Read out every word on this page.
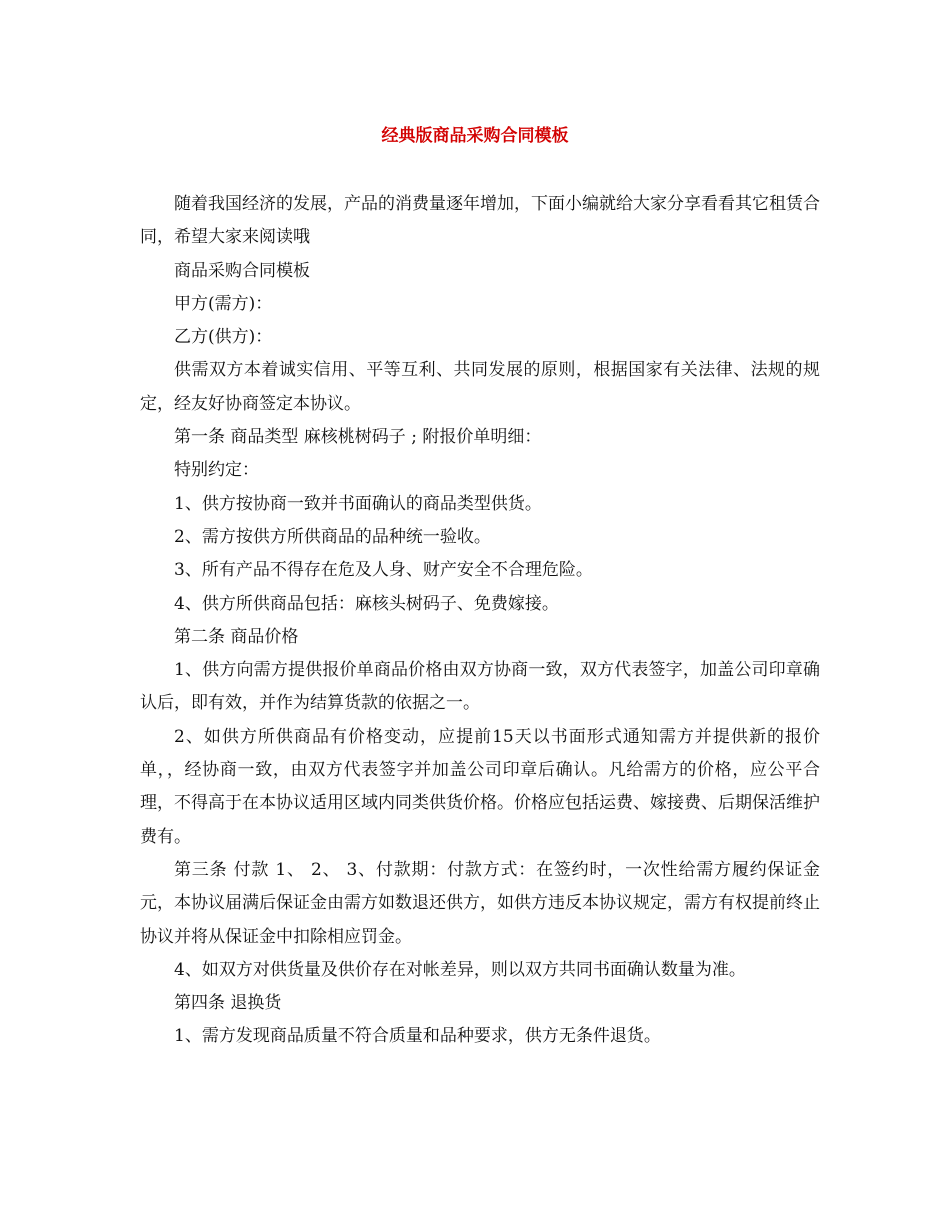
经典版商品采购合同模板

随着我国经济的发展，产品的消费量逐年增加，下面小编就给大家分享看看其它租赁合同，希望大家来阅读哦

商品采购合同模板

甲方(需方)：

乙方(供方)：

供需双方本着诚实信用、平等互利、共同发展的原则，根据国家有关法律、法规的规定，经友好协商签定本协议。

第一条 商品类型 麻核桃树码子 ; 附报价单明细：

特别约定：

1、供方按协商一致并书面确认的商品类型供货。

2、需方按供方所供商品的品种统一验收。

3、所有产品不得存在危及人身、财产安全不合理危险。

4、供方所供商品包括：麻核头树码子、免费嫁接。

第二条 商品价格

1、供方向需方提供报价单商品价格由双方协商一致，双方代表签字，加盖公司印章确认后，即有效，并作为结算货款的依据之一。

2、如供方所供商品有价格变动，应提前15天以书面形式通知需方并提供新的报价单，，经协商一致，由双方代表签字并加盖公司印章后确认。凡给需方的价格，应公平合理，不得高于在本协议适用区域内同类供货价格。价格应包括运费、嫁接费、后期保活维护费有。

第三条 付款 1、 2、 3、付款期：付款方式：在签约时，一次性给需方履约保证金元，本协议届满后保证金由需方如数退还供方，如供方违反本协议规定，需方有权提前终止协议并将从保证金中扣除相应罚金。

4、如双方对供货量及供价存在对帐差异，则以双方共同书面确认数量为准。

第四条 退换货

1、需方发现商品质量不符合质量和品种要求，供方无条件退货。
